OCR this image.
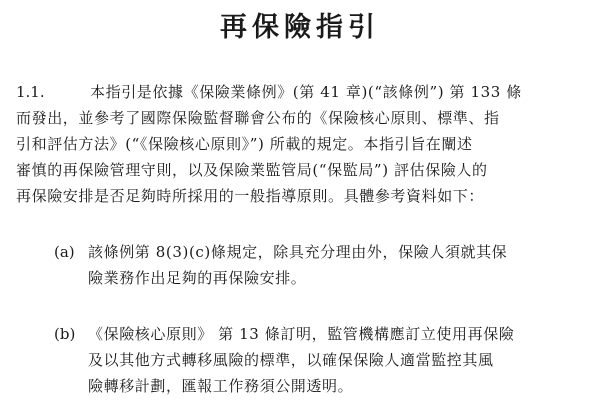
再保險指引
1.1.	本指引是依據《保險業條例》(第 41 章)(“該條例”) 第 133 條
而發出，並參考了國際保險監督聯會公布的《保險核心原則、標準、指
引和評估方法》(“《保險核心原則》”) 所載的規定。本指引旨在闡述
審慎的再保險管理守則，以及保險業監管局(“保監局”) 評估保險人的
再保險安排是否足夠時所採用的一般指導原則。具體參考資料如下：
(a) 該條例第 8(3)(c)條規定，除具充分理由外，保險人須就其保
險業務作出足夠的再保險安排。
(b) 《保險核心原則》 第 13 條訂明，監管機構應訂立使用再保險
及以其他方式轉移風險的標準，以確保保險人適當監控其風
險轉移計劃，匯報工作務須公開透明。
